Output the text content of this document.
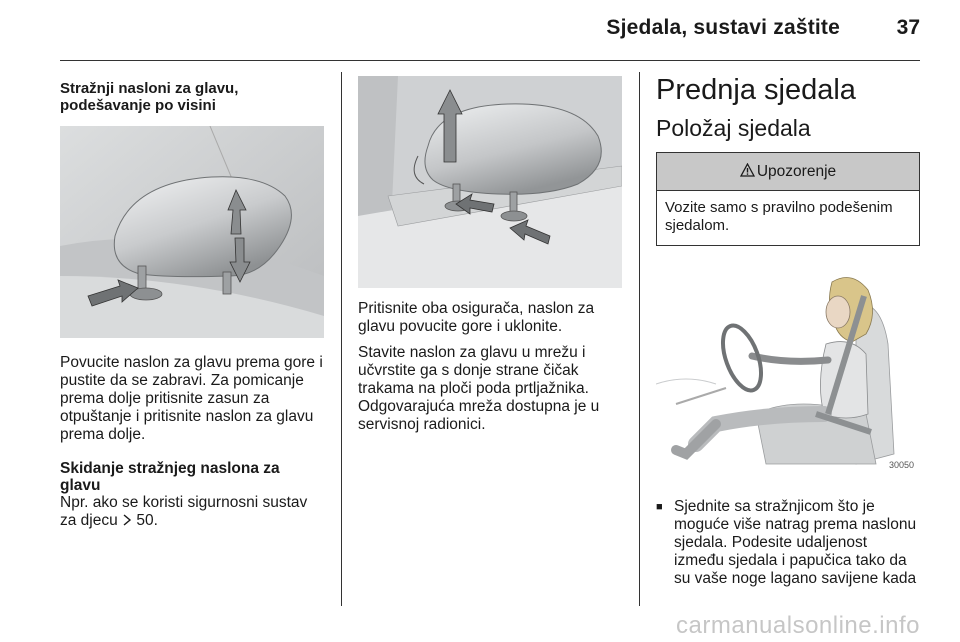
Sjedala, sustavi zaštite	37
Stražnji nasloni za glavu,
podešavanje po visini
Povucite naslon za glavu prema gore i pustite da se zabravi. Za pomicanje prema dolje pritisnite zasun za otpuštanje i pritisnite naslon za glavu prema dolje.
Skidanje stražnjeg naslona za glavu
Npr. ako se koristi sigurnosni sustav za djecu  50.
Pritisnite oba osigurača, naslon za glavu povucite gore i uklonite.
Stavite naslon za glavu u mrežu i učvrstite ga s donje strane čičak trakama na ploči poda prtljažnika. Odgovarajuća mreža dostupna je u servisnoj radionici.
Prednja sjedala
Položaj sjedala
Upozorenje
Vozite samo s pravilno podešenim sjedalom.
30050
■ Sjednite sa stražnjicom što je moguće više natrag prema naslonu sjedala. Podesite udaljenost između sjedala i papučica tako da su vaše noge lagano savijene kada
carmanualsonline.info
